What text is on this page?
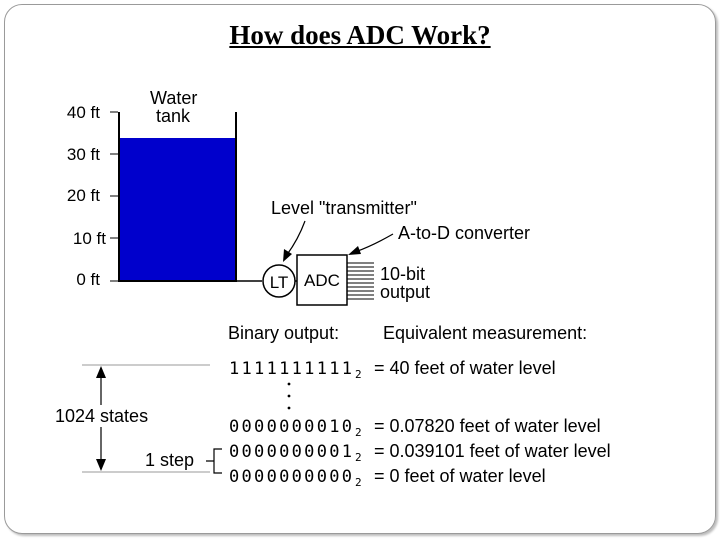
How does ADC Work?
40 ft
30 ft
20 ft
10 ft
0 ft
Water
tank
LT ADC 10-bit
output
Level "transmitter"
A-to-D converter
Binary output: Equivalent measurement:
1111111111 2 = 40 feet of water level
0000000010 2 = 0.07820 feet of water level
0000000001 2 = 0.039101 feet of water level
0000000000 2 = 0 feet of water level
1024 states
1 step
